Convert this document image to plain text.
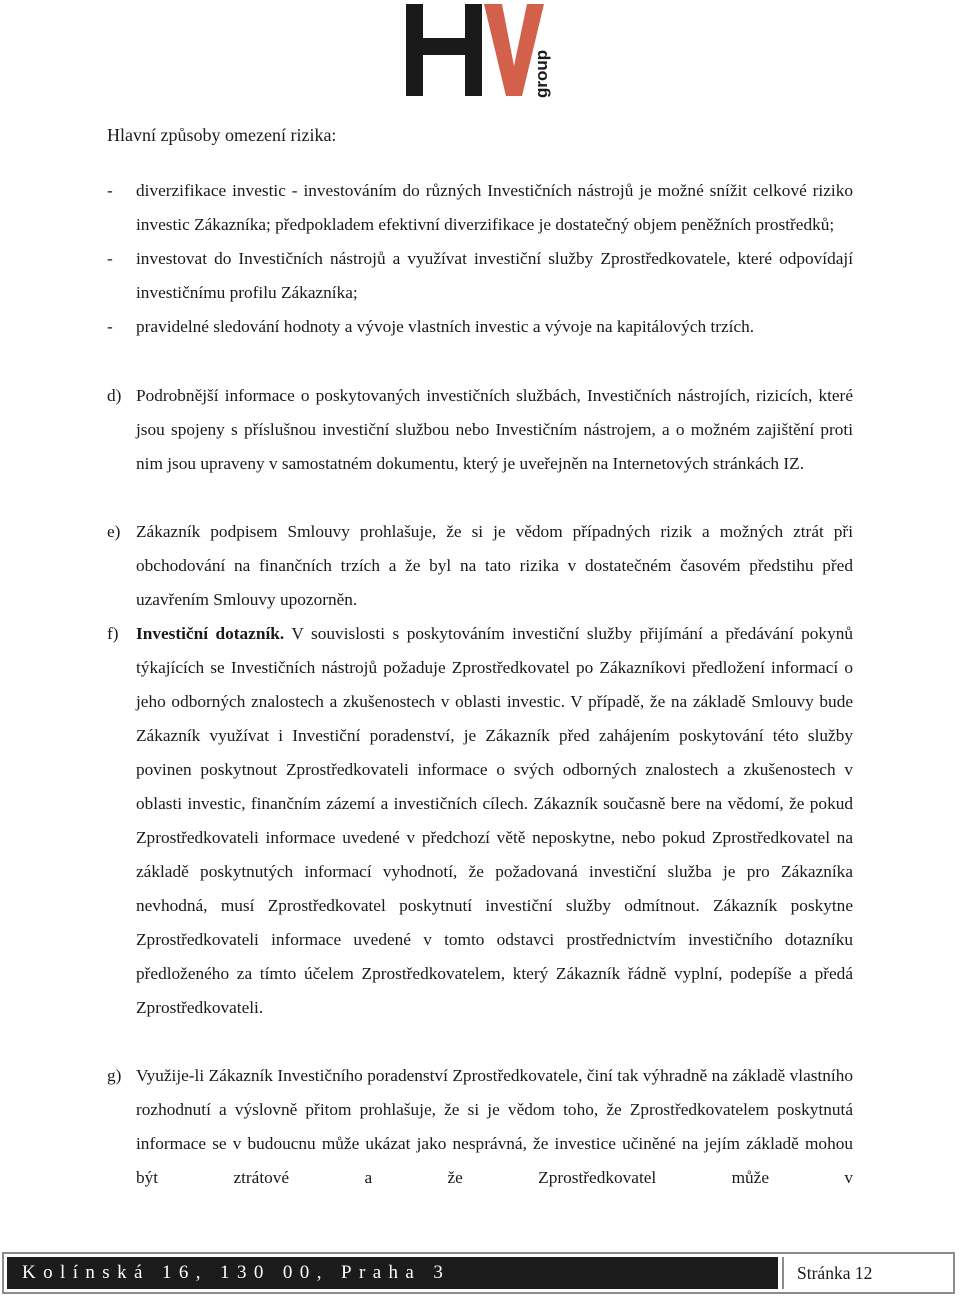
group
Hlavní způsoby omezení rizika:
- diverzifikace investic - investováním do různých Investičních nástrojů je možné snížit celkové riziko investic Zákazníka; předpokladem efektivní diverzifikace je dostatečný objem peněžních prostředků;
- investovat do Investičních nástrojů a využívat investiční služby Zprostředkovatele, které odpovídají investičnímu profilu Zákazníka;
- pravidelné sledování hodnoty a vývoje vlastních investic a vývoje na kapitálových trzích.
d) Podrobnější informace o poskytovaných investičních službách, Investičních nástrojích, rizicích, které jsou spojeny s příslušnou investiční službou nebo Investičním nástrojem, a o možném zajištění proti nim jsou upraveny v samostatném dokumentu, který je uveřejněn na Internetových stránkách IZ.
e) Zákazník podpisem Smlouvy prohlašuje, že si je vědom případných rizik a možných ztrát při obchodování na finančních trzích a že byl na tato rizika v dostatečném časovém předstihu před uzavřením Smlouvy upozorněn.
f) Investiční dotazník. V souvislosti s poskytováním investiční služby přijímání a předávání pokynů týkajících se Investičních nástrojů požaduje Zprostředkovatel po Zákazníkovi předložení informací o jeho odborných znalostech a zkušenostech v oblasti investic. V případě, že na základě Smlouvy bude Zákazník využívat i Investiční poradenství, je Zákazník před zahájením poskytování této služby povinen poskytnout Zprostředkovateli informace o svých odborných znalostech a zkušenostech v oblasti investic, finančním zázemí a investičních cílech. Zákazník současně bere na vědomí, že pokud Zprostředkovateli informace uvedené v předchozí větě neposkytne, nebo pokud Zprostředkovatel na základě poskytnutých informací vyhodnotí, že požadovaná investiční služba je pro Zákazníka nevhodná, musí Zprostředkovatel poskytnutí investiční služby odmítnout. Zákazník poskytne Zprostředkovateli informace uvedené v tomto odstavci prostřednictvím investičního dotazníku předloženého za tímto účelem Zprostředkovatelem, který Zákazník řádně vyplní, podepíše a předá Zprostředkovateli.
g) Využije-li Zákazník Investičního poradenství Zprostředkovatele, činí tak výhradně na základě vlastního rozhodnutí a výslovně přitom prohlašuje, že si je vědom toho, že Zprostředkovatelem poskytnutá informace se v budoucnu může ukázat jako nesprávná, že investice učiněné na jejím základě mohou být ztrátové a že Zprostředkovatel může v
Kolínská 16, 130 00, Praha 3	Stránka 12
